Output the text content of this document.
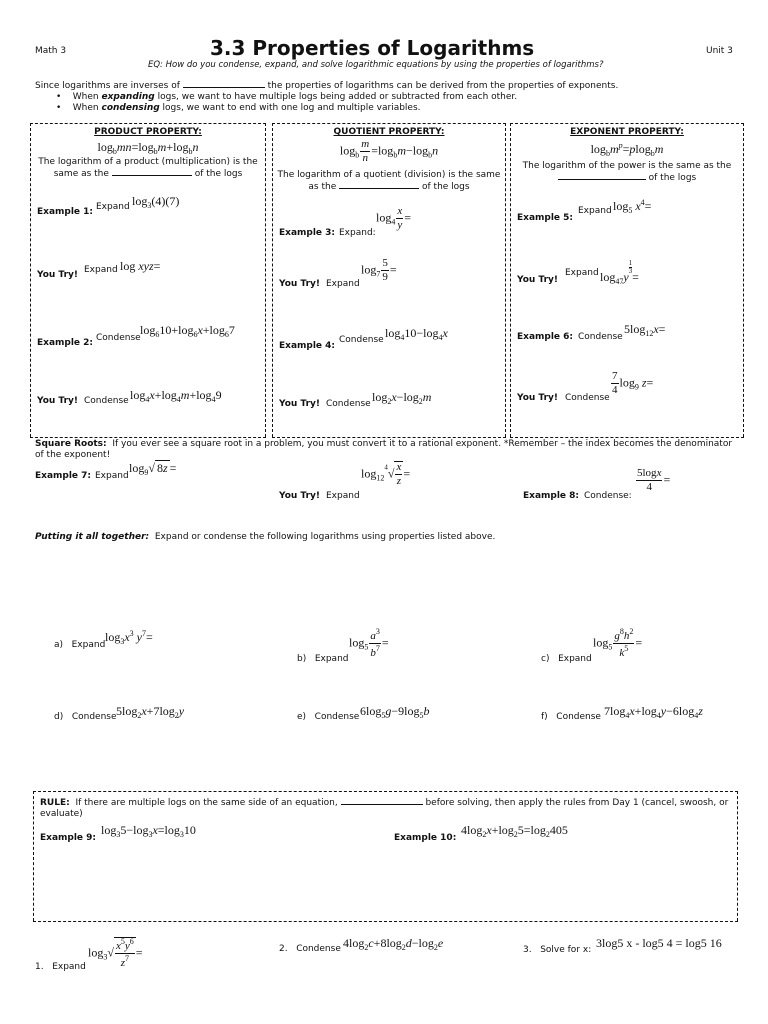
Math 3	3.3 Properties of Logarithms	Unit 3
EQ: How do you condense, expand, and solve logarithmic equations by using the properties of logarithms?
Since logarithms are inverses of	the properties of logarithms can be derived from the properties of exponents.
•    When expanding logs, we want to have multiple logs being added or subtracted from each other.
•    When condensing logs, we want to end with one log and multiple variables.
PRODUCT PROPERTY:
$\log_bmn=\log_bm+\log_bn$
The logarithm of a product (multiplication) is the
same as the	of the logs
Example 1: Expand $\log_3(4)(7)$
You Try! Expand log xyz=
Example 2: Condense
$\log_610+\log_6x+\log_67$
You Try! Condense $\log_4x+\log_4m+\log_49$
QUOTIENT PROPERTY:
$\log_b \frac{m}{n} =\log_bm-\log_bn$
The logarithm of a quotient (division) is the same
as the	of the logs
Example 3: Expand:
$\log_4 \frac{x}{y}$ =
You Try! Expand
$\log_7 \frac{5}{9}$ =
Example 4:
Condense $\log_410-\log_4x$
You Try! Condense $\log_2x-\log_2m$
EXPONENT PROPERTY:
$\log_bm^p=plog_bm$
The logarithm of the power is the same as the
of the logs
Example 5:
Expand $\log_5 x^4=$
You Try!
Expand $\log_{47}y$
$\frac{1}{3}$
=
Example 6: Condense
$5\log_{12}x=$
You Try! Condense
$\frac{7}{4} \log_9 z=$
Square Roots: If you ever see a square root in a problem, you must convert it to a rational exponent. *Remember – the index becomes the denominator of the exponent!
Example 7: Expand
$\log_9√$ 8z =	$\log_{12}^4√ \frac{x}{z}$ =
You Try! Expand	Example 8: Condense:
$\frac{5\log x}{4}$ =
Putting it all together: Expand or condense the following logarithms using properties listed above.
a) Expand
$\log_3x^3$ $y^7=$
b) Expand
$\log_5 \frac{a^3}{b^7}$ =
c) Expand
$\log_5 \frac{g^8h^2}{k^5}$ =
d) Condense $5\log_2x+7\log_2y$	e) Condense $6\log_5g-9\log_5b$	f) Condense $7\log_4x+\log_4y-6\log_4z$
RULE: If there are multiple logs on the same side of an equation,	before solving, then apply the rules from Day 1 (cancel, swoosh, or evaluate)
Example 9:
$\log_35-\log_3x=\log_310$
Example 10:
$4\log_2x+\log_25=\log_2405$
1. Expand
$\log_3√ \frac{x^5y^6}{z^7}$ =	2. Condense $4\log_2c+8\log_2d-\log_2e$	3. Solve for x: 3log5 x - log5 4 = log5 16
